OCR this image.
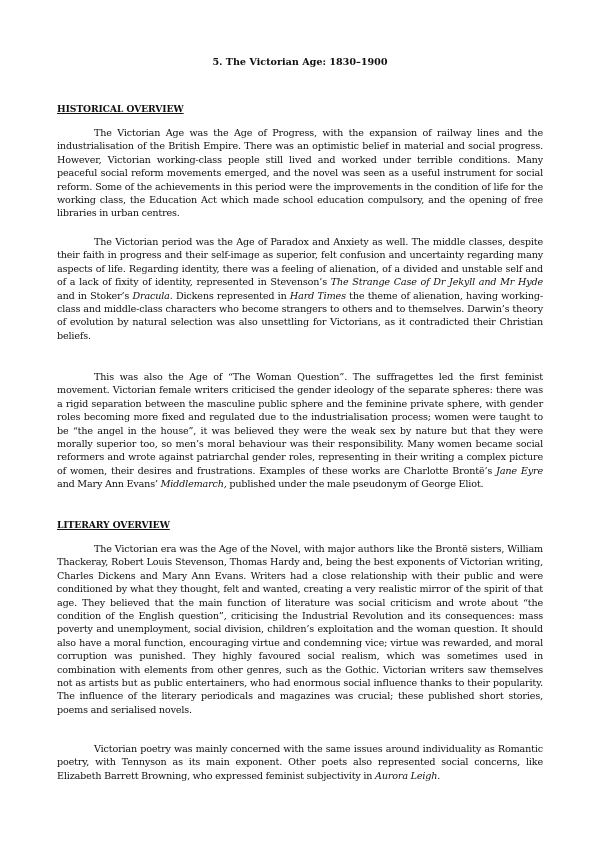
5. The Victorian Age: 1830–1900
HISTORICAL OVERVIEW

The Victorian Age was the Age of Progress, with the expansion of railway lines and the industrialisation of the British Empire. There was an optimistic belief in material and social progress. However, Victorian working-class people still lived and worked under terrible conditions. Many peaceful social reform movements emerged, and the novel was seen as a useful instrument for social reform. Some of the achievements in this period were the improvements in the condition of life for the working class, the Education Act which made school education compulsory, and the opening of free libraries in urban centres.

The Victorian period was the Age of Paradox and Anxiety as well. The middle classes, despite their faith in progress and their self-image as superior, felt confusion and uncertainty regarding many aspects of life. Regarding identity, there was a feeling of alienation, of a divided and unstable self and of a lack of fixity of identity, represented in Stevenson’s The Strange Case of Dr Jekyll and Mr Hyde and in Stoker’s Dracula. Dickens represented in Hard Times the theme of alienation, having working-class and middle-class characters who become strangers to others and to themselves. Darwin’s theory of evolution by natural selection was also unsettling for Victorians, as it contradicted their Christian beliefs.

This was also the Age of “The Woman Question”. The suffragettes led the first feminist movement. Victorian female writers criticised the gender ideology of the separate spheres: there was a rigid separation between the masculine public sphere and the feminine private sphere, with gender roles becoming more fixed and regulated due to the industrialisation process; women were taught to be “the angel in the house”, it was believed they were the weak sex by nature but that they were morally superior too, so men’s moral behaviour was their responsibility. Many women became social reformers and wrote against patriarchal gender roles, representing in their writing a complex picture of women, their desires and frustrations. Examples of these works are Charlotte Brontë’s Jane Eyre and Mary Ann Evans’ Middlemarch, published under the male pseudonym of George Eliot.

LITERARY OVERVIEW

The Victorian era was the Age of the Novel, with major authors like the Brontë sisters, William Thackeray, Robert Louis Stevenson, Thomas Hardy and, being the best exponents of Victorian writing, Charles Dickens and Mary Ann Evans. Writers had a close relationship with their public and were conditioned by what they thought, felt and wanted, creating a very realistic mirror of the spirit of that age. They believed that the main function of literature was social criticism and wrote about “the condition of the English question”, criticising the Industrial Revolution and its consequences: mass poverty and unemployment, social division, children’s exploitation and the woman question. It should also have a moral function, encouraging virtue and condemning vice; virtue was rewarded, and moral corruption was punished. They highly favoured social realism, which was sometimes used in combination with elements from other genres, such as the Gothic. Victorian writers saw themselves not as artists but as public entertainers, who had enormous social influence thanks to their popularity. The influence of the literary periodicals and magazines was crucial; these published short stories, poems and serialised novels.

Victorian poetry was mainly concerned with the same issues around individuality as Romantic poetry, with Tennyson as its main exponent. Other poets also represented social concerns, like Elizabeth Barrett Browning, who expressed feminist subjectivity in Aurora Leigh.
